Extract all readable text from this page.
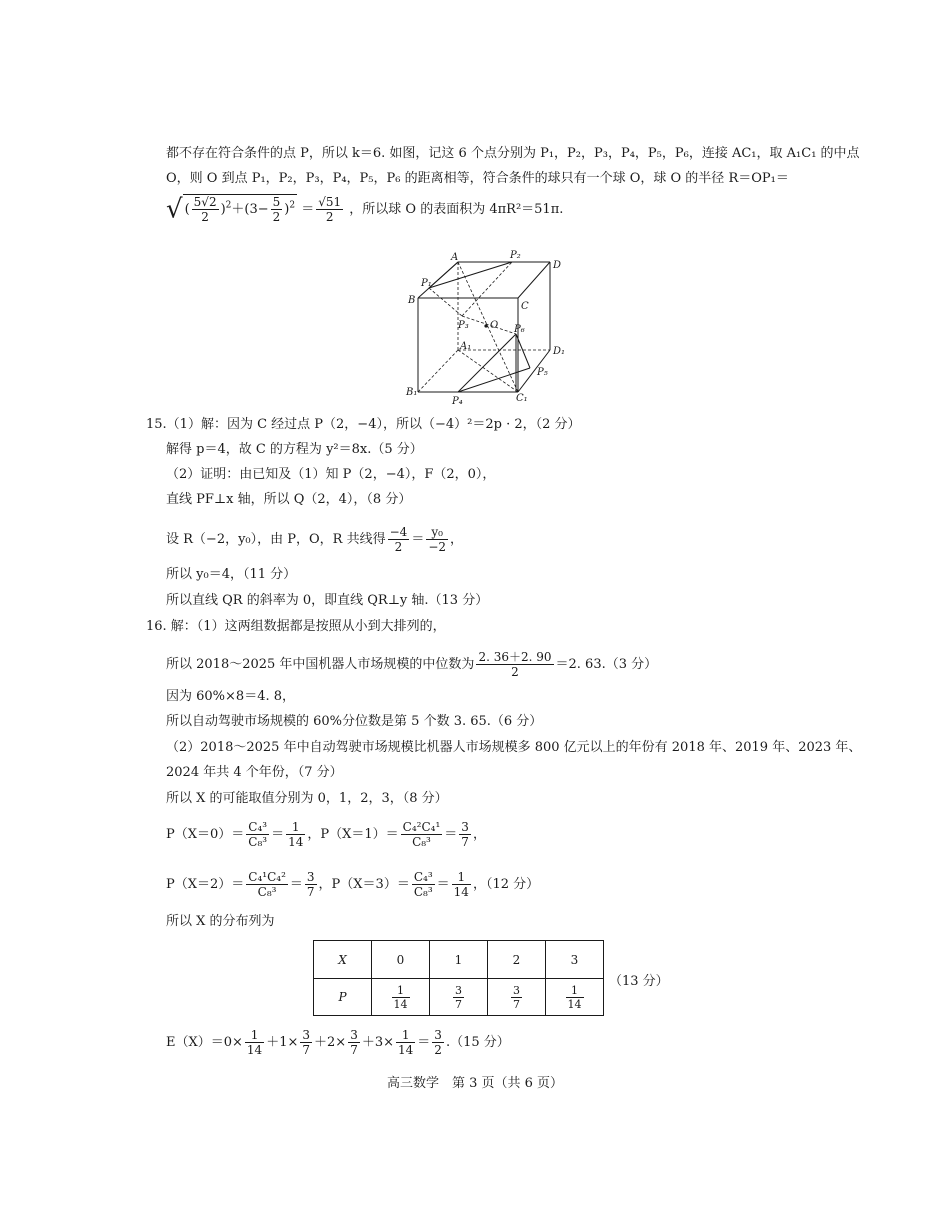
都不存在符合条件的点 P，所以 k＝6. 如图，记这 6 个点分别为 P₁，P₂，P₃，P₄，P₅，P₆，连接 AC₁，取 A₁C₁ 的中点
O，则 O 到点 P₁，P₂，P₃，P₄，P₅，P₆ 的距离相等，符合条件的球只有一个球 O，球 O 的半径 R＝OP₁＝
√ ( $\frac{5√2}{2} )^2+(3- \frac{5}{2} )^2 = \frac{√51}{2}$ ，所以球 O 的表面积为 4πR²＝51π.
A	P₂
D
P₁
B
C
P₃ O P₆
A₁	D₁
P₅
B₁
C₁
P₄
15.（1）解：因为 C 经过点 P（2，−4），所以（−4）²＝2p · 2，（2 分）
解得 p＝4，故 C 的方程为 y²＝8x.（5 分）
（2）证明：由已知及（1）知 P（2，−4），F（2，0），
直线 PF⊥x 轴，所以 Q（2，4），（8 分）
设 R（−2，y₀），由 P，O，R 共线得 $\frac{-4}{2} = \frac{\text{y₀}}{-2}$ ，
所以 y₀＝4，（11 分）
所以直线 QR 的斜率为 0，即直线 QR⊥y 轴.（13 分）
16. 解：（1）这两组数据都是按照从小到大排列的，
所以 2018～2025 年中国机器人市场规模的中位数为 $\frac{2. 36+2. 90}{2} =2$. 63.（3 分）
因为 60%×8＝4. 8，
所以自动驾驶市场规模的 60%分位数是第 5 个数 3. 65.（6 分）
（2）2018～2025 年中自动驾驶市场规模比机器人市场规模多 800 亿元以上的年份有 2018 年、2019 年、2023 年、
2024 年共 4 个年份，（7 分）
所以 X 的可能取值分别为 0，1，2，3，（8 分）
$P(X=0)= \frac{\text{C₄³}}{\text{C₈³}} = \frac{1}{14}$ ，$P(X=1)= \frac{\text{C₄²C₄¹}}{\text{C₈³}} = \frac{3}{7}$ ，
$P(X=2)= \frac{\text{C₄¹C₄²}}{\text{C₈³}} = \frac{3}{7}$ ，$P(X=3)= \frac{\text{C₄³}}{\text{C₈³}} = \frac{1}{14}$ ，（12 分）
所以 X 的分布列为
X	0	1	2	3
P	$\frac{1}{14}$	$\frac{3}{7}$	$\frac{3}{7}$	$\frac{1}{14}$
（13 分）
$E(X)=0\times \frac{1}{14} +1\times \frac{3}{7} +2\times \frac{3}{7} +3\times \frac{1}{14} = \frac{3}{2} .(15$ 分）
高三数学　第 3 页（共 6 页）
